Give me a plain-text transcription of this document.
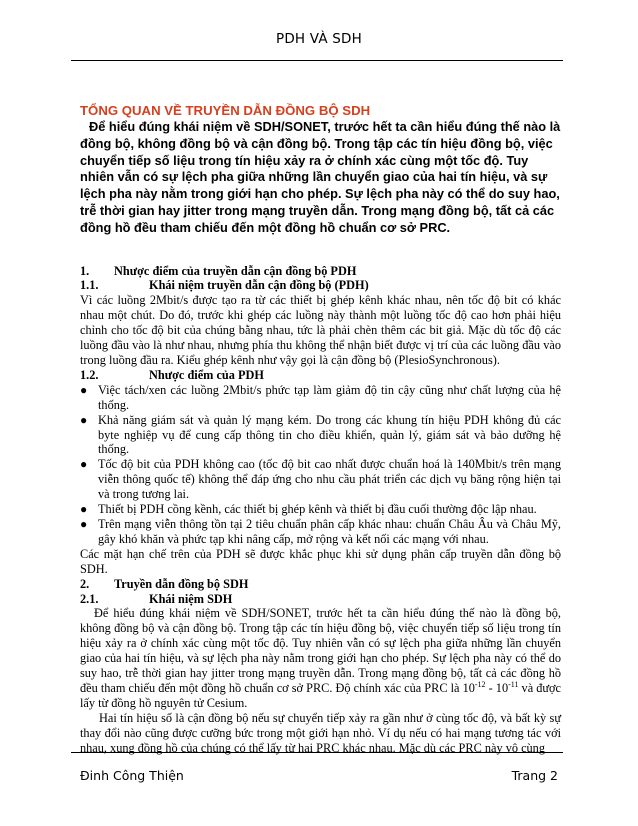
PDH VÀ SDH

TỔNG QUAN VỀ TRUYỀN DẪN ĐỒNG BỘ SDH

Để hiểu đúng khái niệm về SDH/SONET, trước hết ta cần hiểu đúng thế nào là đồng bộ, không đồng bộ và cận đồng bộ. Trong tập các tín hiệu đồng bộ, việc chuyển tiếp số liệu trong tín hiệu xảy ra ở chính xác cùng một tốc độ. Tuy nhiên vẫn có sự lệch pha giữa những lần chuyển giao của hai tín hiệu, và sự lệch pha này nằm trong giới hạn cho phép. Sự lệch pha này có thể do suy hao, trễ thời gian hay jitter trong mạng truyền dẫn. Trong mạng đồng bộ, tất cả các đồng hồ đều tham chiếu đến một đồng hồ chuẩn cơ sở PRC.

1. Nhược điểm của truyền dẫn cận đồng bộ PDH

1.1.	Khái niệm truyền dẫn cận đồng bộ (PDH)

Vì các luồng 2Mbit/s được tạo ra từ các thiết bị ghép kênh khác nhau, nên tốc độ bit có khác nhau một chút. Do đó, trước khi ghép các luồng này thành một luồng tốc độ cao hơn phải hiệu chỉnh cho tốc độ bit của chúng bằng nhau, tức là phải chèn thêm các bit giả. Mặc dù tốc độ các luồng đầu vào là như nhau, nhưng phía thu không thể nhận biết được vị trí của các luồng đầu vào trong luồng đầu ra. Kiểu ghép kênh như vậy gọi là cận đồng bộ (PlesioSynchronous).

1.2.	Nhược điểm của PDH

● Việc tách/xen các luồng 2Mbit/s phức tạp làm giảm độ tin cậy cũng như chất lượng của hệ thống.
● Khả năng giám sát và quản lý mạng kém. Do trong các khung tín hiệu PDH không đủ các byte nghiệp vụ để cung cấp thông tin cho điều khiển, quản lý, giám sát và bảo dưỡng hệ thống.
● Tốc độ bit của PDH không cao (tốc độ bit cao nhất được chuẩn hoá là 140Mbit/s trên mạng viễn thông quốc tế) không thể đáp ứng cho nhu cầu phát triển các dịch vụ băng rộng hiện tại và trong tương lai.
● Thiết bị PDH cồng kềnh, các thiết bị ghép kênh và thiết bị đầu cuối thường độc lập nhau.
● Trên mạng viễn thông tồn tại 2 tiêu chuẩn phân cấp khác nhau: chuẩn Châu Âu và Châu Mỹ, gây khó khăn và phức tạp khi nâng cấp, mở rộng và kết nối các mạng với nhau.

Các mặt hạn chế trên của PDH sẽ được khắc phục khi sử dụng phân cấp truyền dẫn đồng bộ SDH.

2. Truyền dẫn đồng bộ SDH

2.1.	Khái niệm SDH

Để hiểu đúng khái niệm về SDH/SONET, trước hết ta cần hiểu đúng thế nào là đồng bộ, không đồng bộ và cận đồng bộ. Trong tập các tín hiệu đồng bộ, việc chuyển tiếp số liệu trong tín hiệu xảy ra ở chính xác cùng một tốc độ. Tuy nhiên vẫn có sự lệch pha giữa những lần chuyển giao của hai tín hiệu, và sự lệch pha này nằm trong giới hạn cho phép. Sự lệch pha này có thể do suy hao, trễ thời gian hay jitter trong mạng truyền dẫn. Trong mạng đồng bộ, tất cả các đồng hồ đều tham chiếu đến một đồng hồ chuẩn cơ sở PRC. Độ chính xác của PRC là $10^{-12} - 10^{-11}$ và được lấy từ đồng hồ nguyên tử Cesium.

Hai tín hiệu số là cận đồng bộ nếu sự chuyển tiếp xảy ra gần như ở cùng tốc độ, và bất kỳ sự thay đổi nào cũng được cưỡng bức trong một giới hạn nhỏ. Ví dụ nếu có hai mạng tương tác với nhau, xung đồng hồ của chúng có thể lấy từ hai PRC khác nhau. Mặc dù các PRC này vô cùng

Đinh Công Thiện	Trang 2
